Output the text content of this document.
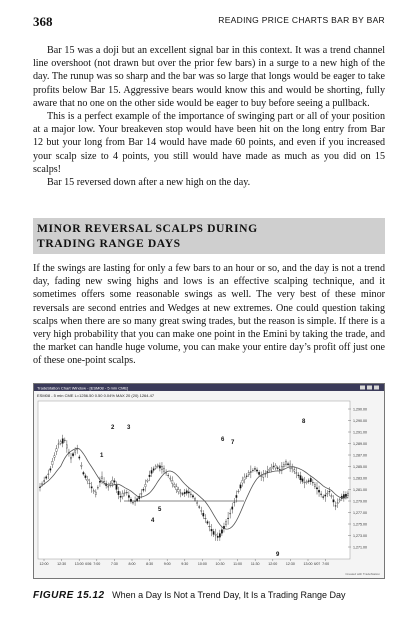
368	READING PRICE CHARTS BAR BY BAR

Bar 15 was a doji but an excellent signal bar in this context. It was a trend channel line overshoot (not drawn but over the prior few bars) in a surge to a new high of the day. The runup was so sharp and the bar was so large that longs would be eager to take profits below Bar 15. Aggressive bears would know this and would be shorting, fully aware that no one on the other side would be eager to buy before seeing a pullback.

This is a perfect example of the importance of swinging part or all of your position at a major low. Your breakeven stop would have been hit on the long entry from Bar 12 but your long from Bar 14 would have made 60 points, and even if you increased your scalp size to 4 points, you still would have made as much as you did on 15 scalps!

Bar 15 reversed down after a new high on the day.

MINOR REVERSAL SCALPS DURING
TRADING RANGE DAYS

If the swings are lasting for only a few bars to an hour or so, and the day is not a trend day, fading new swing highs and lows is an effective scalping technique, and it sometimes offers some reasonable swings as well. The very best of these minor reversals are second entries and Wedges at new extremes. One could question taking scalps when there are so many great swing trades, but the reason is simple. If there is a very high probability that you can make one point in the Emini by taking the trade, and the market can handle huge volume, you can make your entire day’s profit off just one of these one-point scalps.

TradeStation Chart Window - [ESM08 - 5 min CME]
ESM08 - 5 min CME L=1256.50 0.50 0.04% MAX 20 (20) 1264.47
1,290.00
1,290.00
1,291.00
1,289.00
1,287.00
1,285.00
1,283.00
1,281.00
1,279.00
1,277.00
1,275.00
1,273.00
1,271.00
12:00 12:30 13:00	7:00	7:30	8:00	8:30	9:00	9:30	10:00 10:30 11:00 11:30 12:00 12:30 13:00	7:00
6/06	6/07
1
2 3
4
5
6 7
8
9
Created with TradeStation
FIGURE 15.12 When a Day Is Not a Trend Day, It Is a Trading Range Day
